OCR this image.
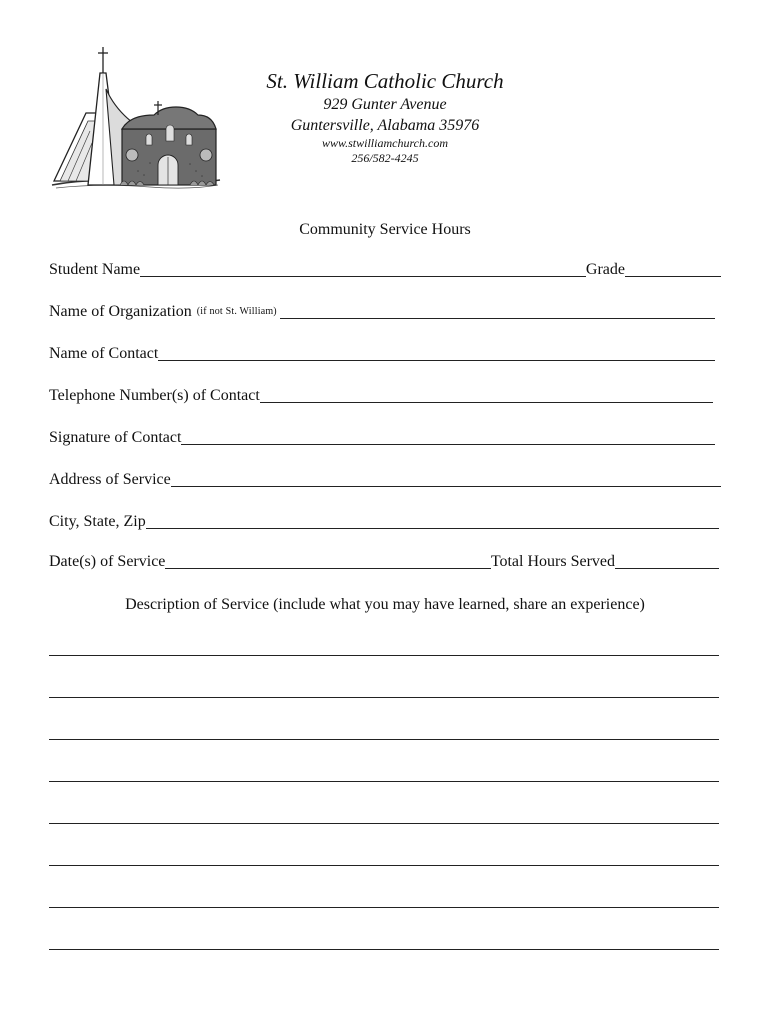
St. William Catholic Church
929 Gunter Avenue
Guntersville, Alabama 35976
www.stwilliamchurch.com
256/582-4245
Community Service Hours
Student Name	Grade
Name of Organization (if not St. William)
Name of Contact
Telephone Number(s) of Contact
Signature of Contact
Address of Service
City, State, Zip
Date(s) of Service	Total Hours Served
Description of Service (include what you may have learned, share an experience)
